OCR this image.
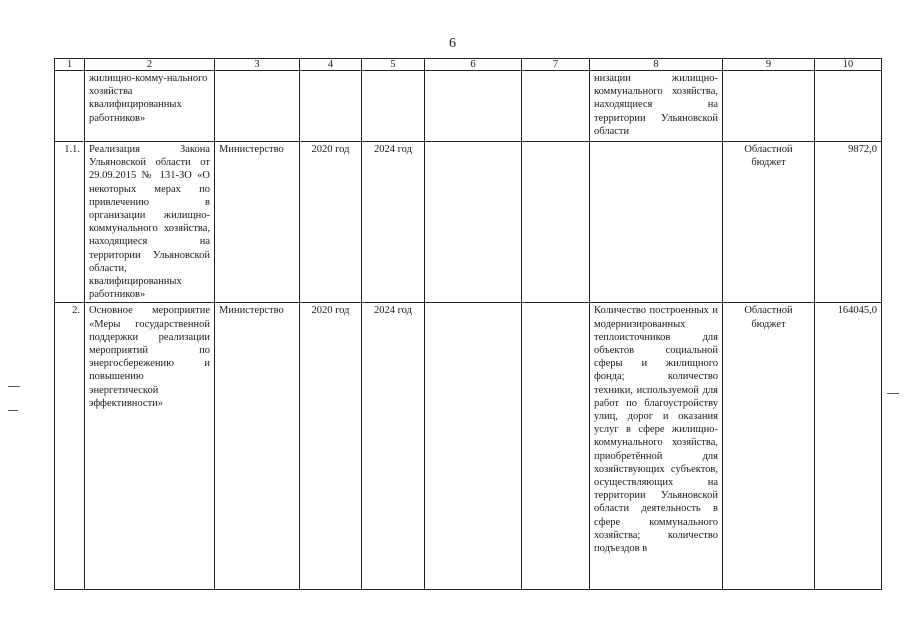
6
1	2	3	4	5	6	7	8	9	10
	жилищно-комму-нального хозяйства квалифицированных работников»						низации жилищно-коммунального хозяйства, находящиеся на территории Ульяновской области		
1.1.	Реализация Закона Ульяновской области от 29.09.2015 № 131-ЗО «О некоторых мерах по привлечению в организации жилищно-коммунального хозяйства, находящиеся на территории Ульяновской области, квалифицированных работников»	Министерство	2020 год	2024 год				Областной бюджет	9872,0
2.	Основное мероприятие «Меры государственной поддержки реализации мероприятий по энергосбережению и повышению энергетической эффективности»	Министерство	2020 год	2024 год			Количество построенных и модернизированных теплоисточников для объектов социальной сферы и жилищного фонда; количество техники, используемой для работ по благоустройству улиц, дорог и оказания услуг в сфере жилищно-коммунального хозяйства, приобретённой для хозяйствующих субъектов, осуществляющих на территории Ульяновской области деятельность в сфере коммунального хозяйства; количество подъездов в	Областной бюджет	164045,0
